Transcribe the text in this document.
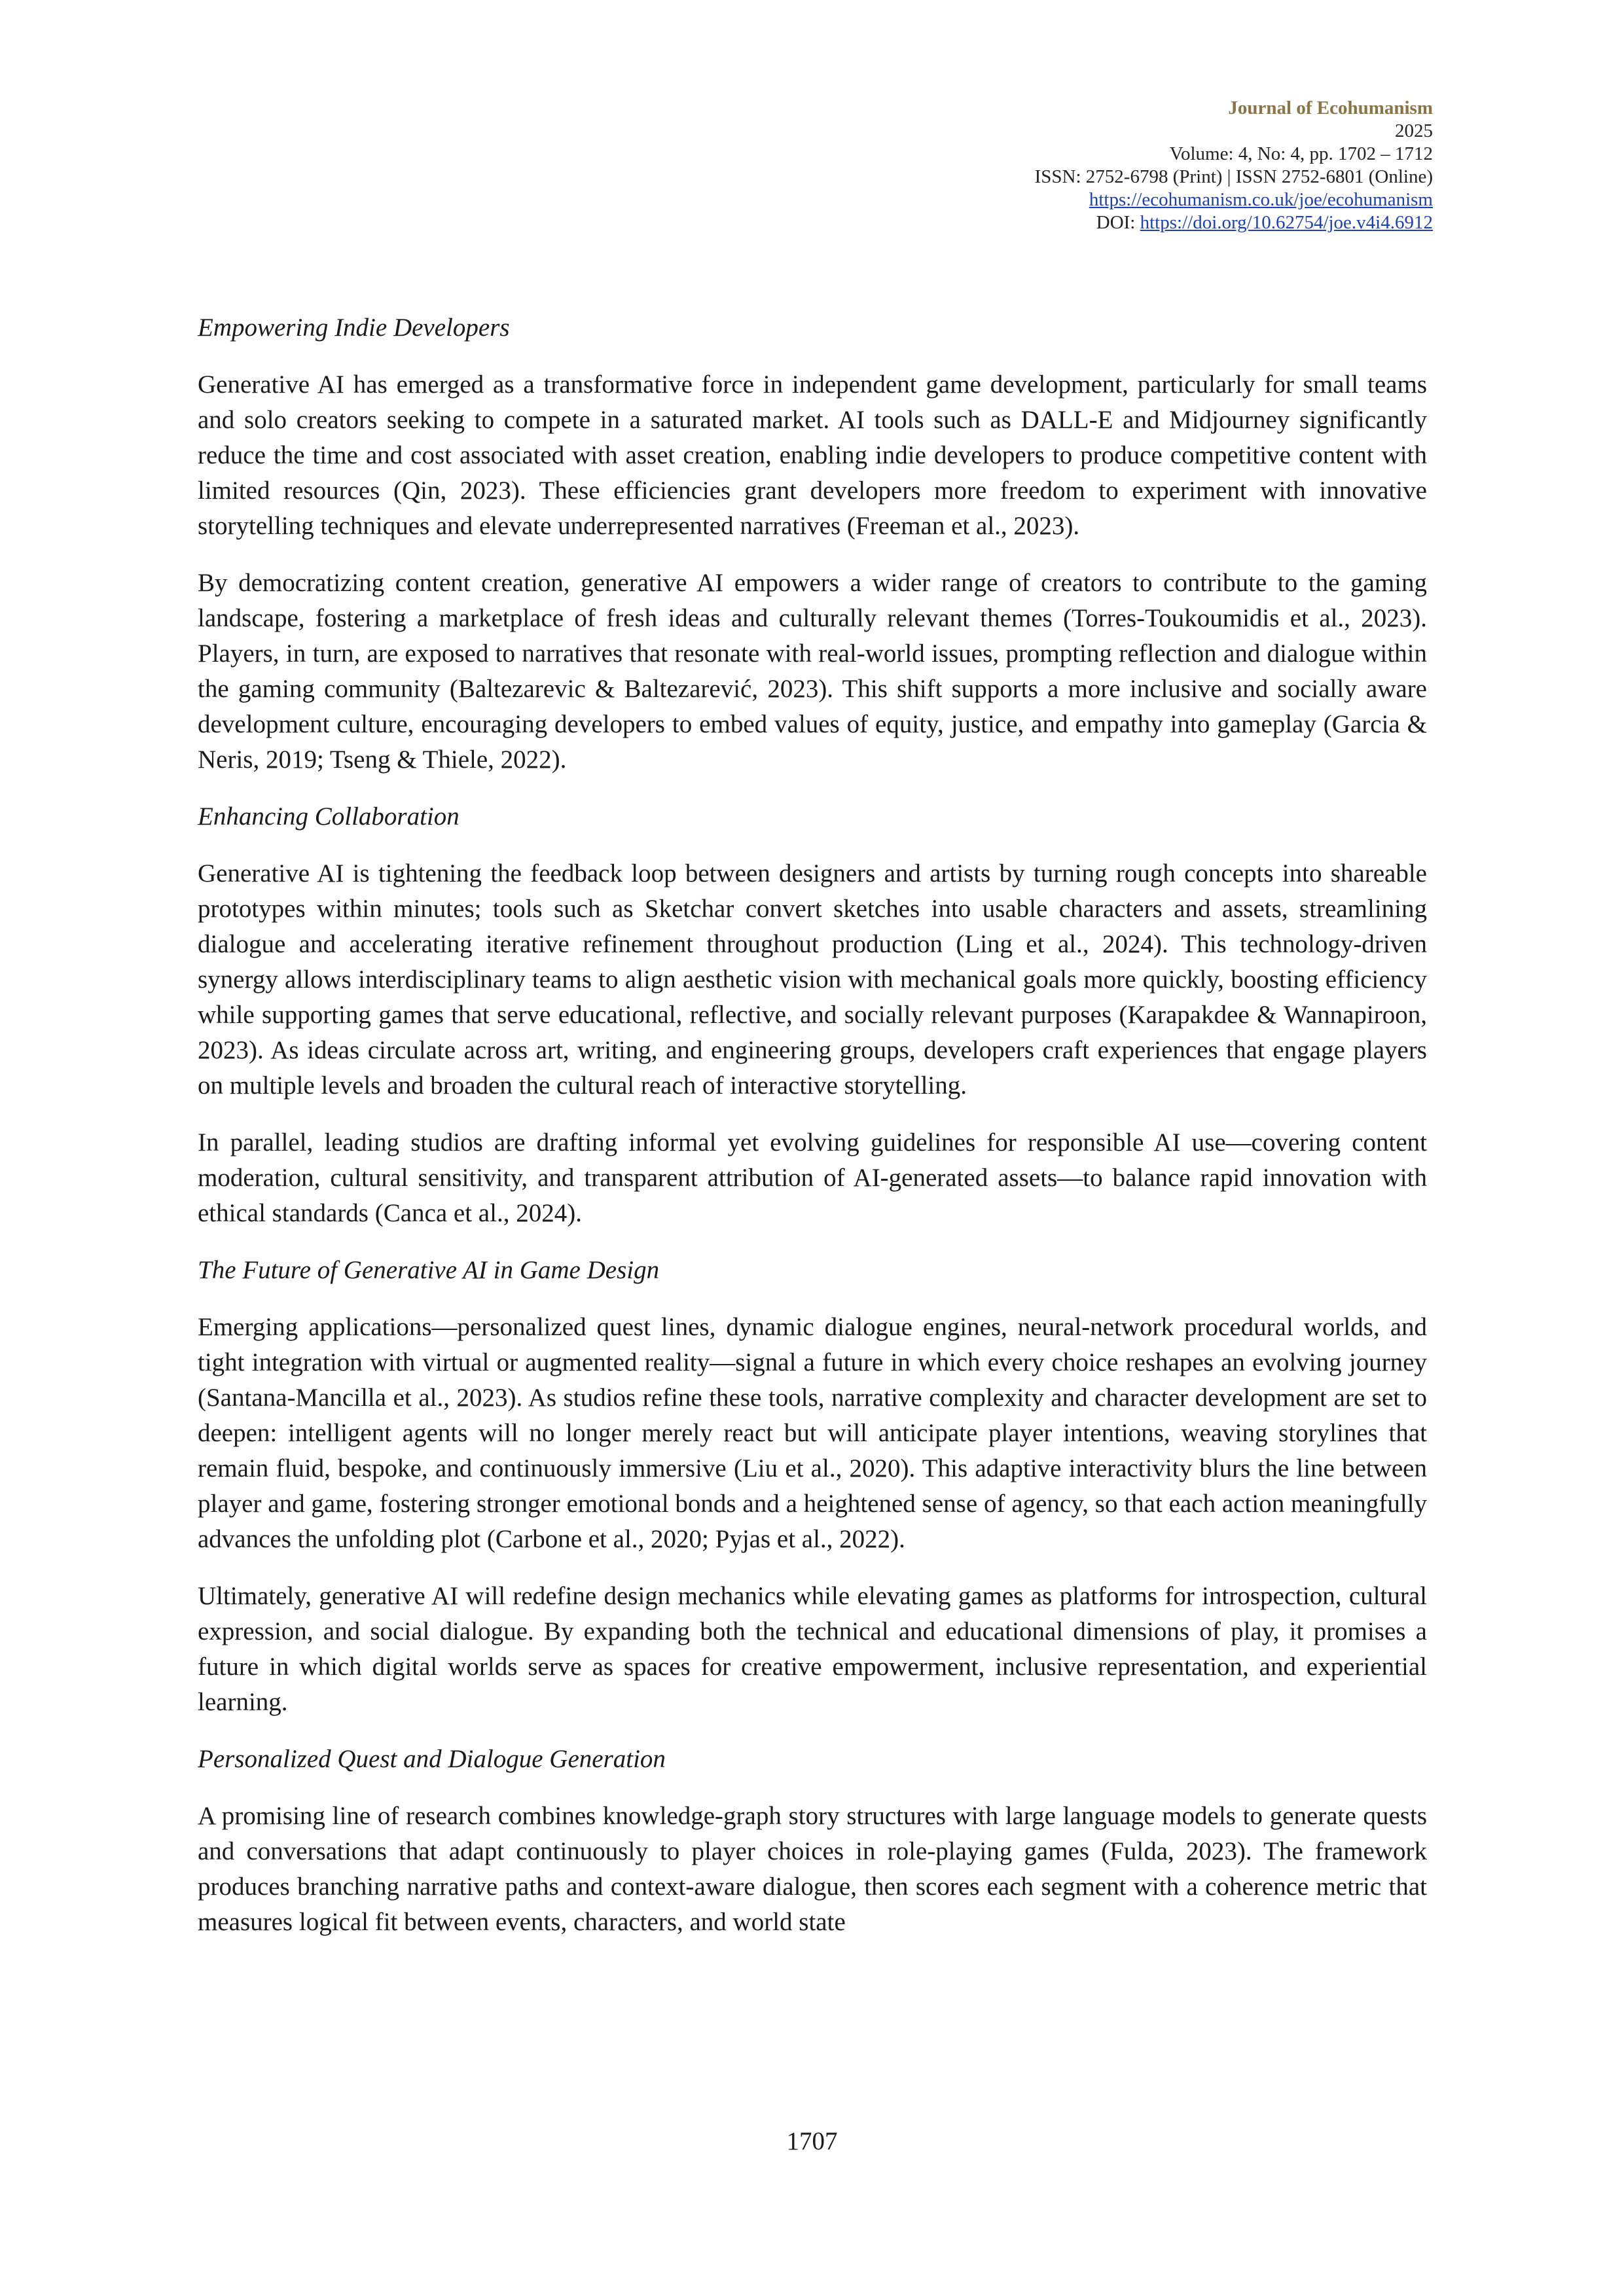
Journal of Ecohumanism
2025
Volume: 4, No: 4, pp. 1702 – 1712
ISSN: 2752-6798 (Print) | ISSN 2752-6801 (Online)
https://ecohumanism.co.uk/joe/ecohumanism
DOI: https://doi.org/10.62754/joe.v4i4.6912
Empowering Indie Developers

Generative AI has emerged as a transformative force in independent game development, particularly for small teams and solo creators seeking to compete in a saturated market. AI tools such as DALL-E and Midjourney significantly reduce the time and cost associated with asset creation, enabling indie developers to produce competitive content with limited resources (Qin, 2023). These efficiencies grant developers more freedom to experiment with innovative storytelling techniques and elevate underrepresented narratives (Freeman et al., 2023).

By democratizing content creation, generative AI empowers a wider range of creators to contribute to the gaming landscape, fostering a marketplace of fresh ideas and culturally relevant themes (Torres-Toukoumidis et al., 2023). Players, in turn, are exposed to narratives that resonate with real-world issues, prompting reflection and dialogue within the gaming community (Baltezarevic & Baltezarević, 2023). This shift supports a more inclusive and socially aware development culture, encouraging developers to embed values of equity, justice, and empathy into gameplay (Garcia & Neris, 2019; Tseng & Thiele, 2022).

Enhancing Collaboration

Generative AI is tightening the feedback loop between designers and artists by turning rough concepts into shareable prototypes within minutes; tools such as Sketchar convert sketches into usable characters and assets, streamlining dialogue and accelerating iterative refinement throughout production (Ling et al., 2024). This technology-driven synergy allows interdisciplinary teams to align aesthetic vision with mechanical goals more quickly, boosting efficiency while supporting games that serve educational, reflective, and socially relevant purposes (Karapakdee & Wannapiroon, 2023). As ideas circulate across art, writing, and engineering groups, developers craft experiences that engage players on multiple levels and broaden the cultural reach of interactive storytelling.

In parallel, leading studios are drafting informal yet evolving guidelines for responsible AI use—covering content moderation, cultural sensitivity, and transparent attribution of AI-generated assets—to balance rapid innovation with ethical standards (Canca et al., 2024).

The Future of Generative AI in Game Design

Emerging applications—personalized quest lines, dynamic dialogue engines, neural-network procedural worlds, and tight integration with virtual or augmented reality—signal a future in which every choice reshapes an evolving journey (Santana-Mancilla et al., 2023). As studios refine these tools, narrative complexity and character development are set to deepen: intelligent agents will no longer merely react but will anticipate player intentions, weaving storylines that remain fluid, bespoke, and continuously immersive (Liu et al., 2020). This adaptive interactivity blurs the line between player and game, fostering stronger emotional bonds and a heightened sense of agency, so that each action meaningfully advances the unfolding plot (Carbone et al., 2020; Pyjas et al., 2022).

Ultimately, generative AI will redefine design mechanics while elevating games as platforms for introspection, cultural expression, and social dialogue. By expanding both the technical and educational dimensions of play, it promises a future in which digital worlds serve as spaces for creative empowerment, inclusive representation, and experiential learning.

Personalized Quest and Dialogue Generation

A promising line of research combines knowledge-graph story structures with large language models to generate quests and conversations that adapt continuously to player choices in role-playing games (Fulda, 2023). The framework produces branching narrative paths and context-aware dialogue, then scores each segment with a coherence metric that measures logical fit between events, characters, and world state

1707
